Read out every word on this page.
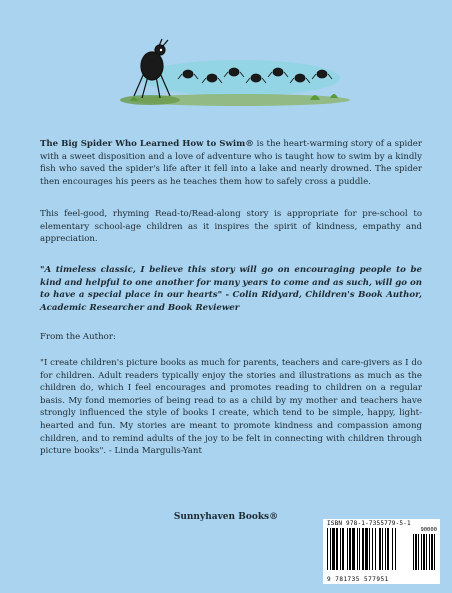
The Big Spider Who Learned How to Swim® is the heart-warming story of a spider with a sweet disposition and a love of adventure who is taught how to swim by a kindly fish who saved the spider's life after it fell into a lake and nearly drowned. The spider then encourages his peers as he teaches them how to safely cross a puddle.
This feel-good, rhyming Read-to/Read-along story is appropriate for pre-school to elementary school-age children as it inspires the spirit of kindness, empathy and appreciation.
"A timeless classic, I believe this story will go on encouraging people to be kind and helpful to one another for many years to come and as such, will go on to have a special place in our hearts" - Colin Ridyard, Children's Book Author, Academic Researcher and Book Reviewer
From the Author:
"I create children's picture books as much for parents, teachers and care-givers as I do for children. Adult readers typically enjoy the stories and illustrations as much as the children do, which I feel encourages and promotes reading to children on a regular basis. My fond memories of being read to as a child by my mother and teachers have strongly influenced the style of books I create, which tend to be simple, happy, light-hearted and fun. My stories are meant to promote kindness and compassion among children, and to remind adults of the joy to be felt in connecting with children through picture books". - Linda Margulis-Yant
Sunnyhaven Books®
ISBN 978-1-7355779-5-1
90000
9 781735 577951
